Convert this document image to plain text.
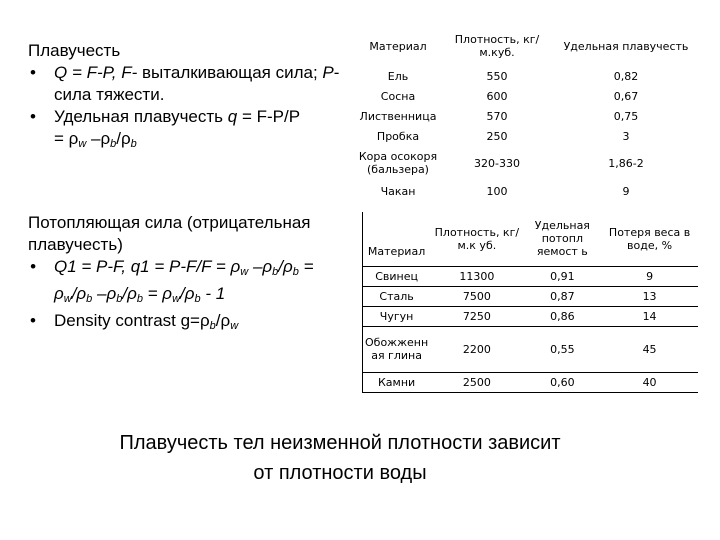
Плавучесть

• Q = F-P, F- выталкивающая сила; P-сила тяжести.

• Удельная плавучесть q = F-P/P
= $\rho_w$ $-\rho_b/\rho_b$

Потопляющая сила (отрицательная плавучесть)

• Q1 = P-F, $q1 = P-F/F = \rho_w$ $-\rho_b/\rho_b$ =
$\rho_w/\rho_b$ $-\rho_b/\rho_b = \rho_w/\rho_b - 1$

• Density contrast $g=\rho_b/\rho_w$

Материал	Плотность, кг/м.куб.	Удельная плавучесть
Ель	550	0,82
Сосна	600	0,67
Лиственница	570	0,75
Пробка	250	3
Кора осокоря (бальзера)	320-330	1,86-2
Чакан	100	9
Материал	Плотность, кг/м.к уб.	Удельная потопл яемост ь	Потеря веса в воде, %
Свинец	11300	0,91	9
Сталь	7500	0,87	13
Чугун	7250	0,86	14
Обожженн ая глина	2200	0,55	45
Камни	2500	0,60	40
Плавучесть тел неизменной плотности зависит
от плотности воды
